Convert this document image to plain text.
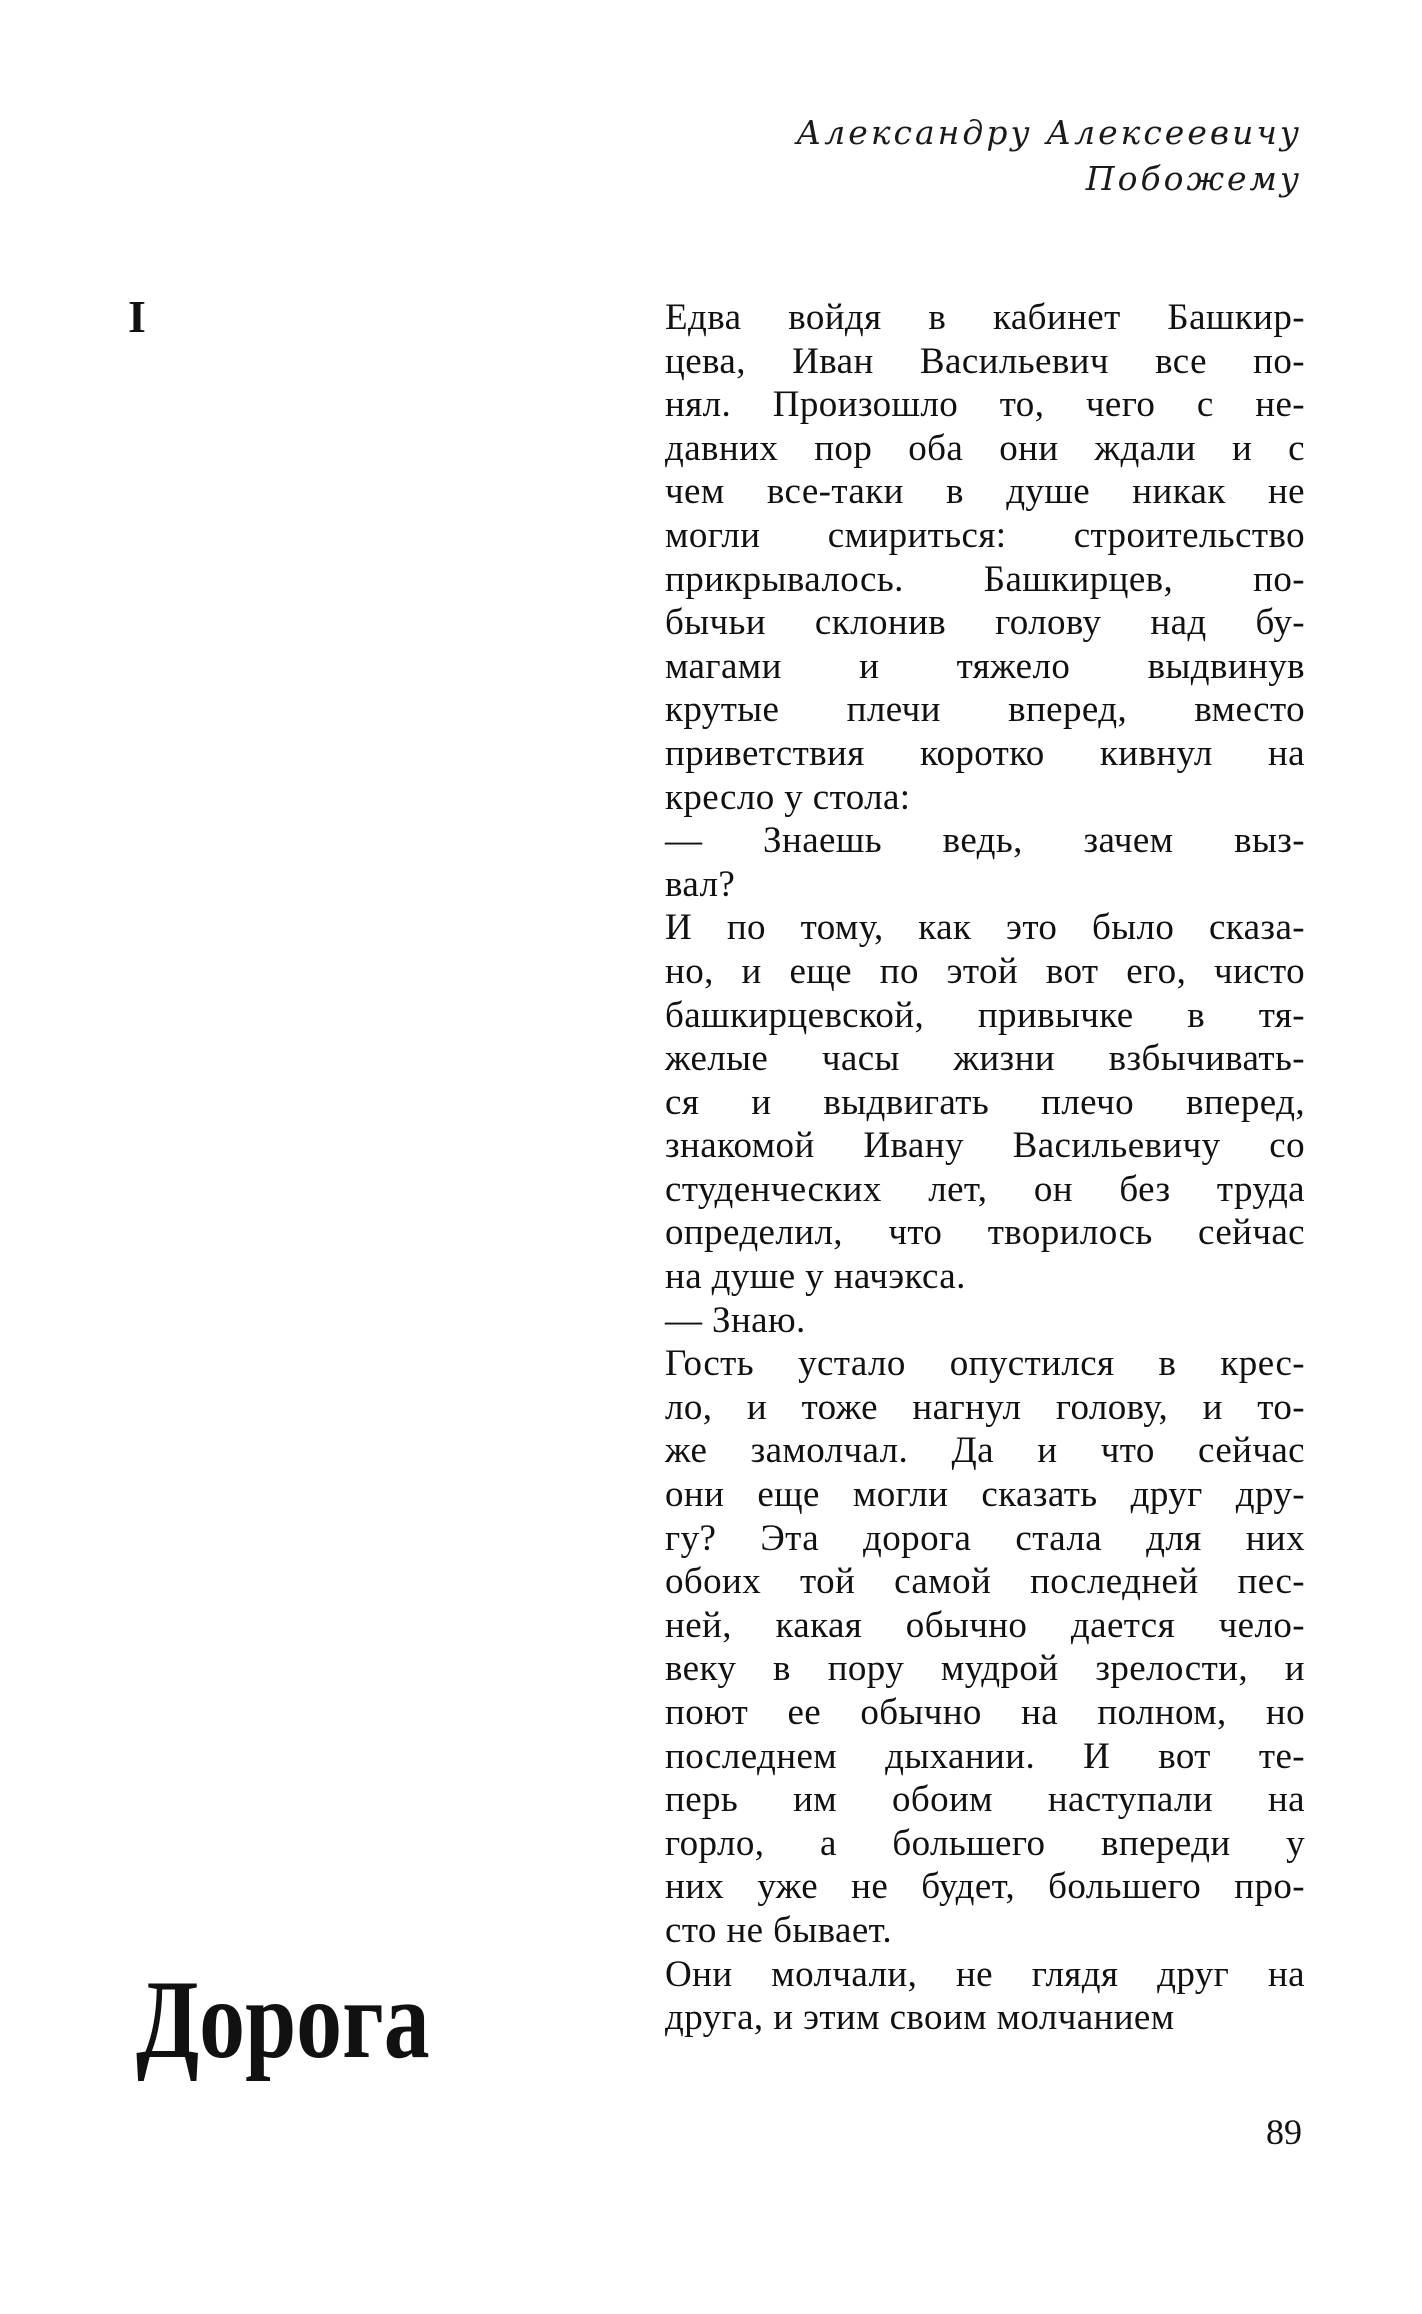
Александру Алексеевичу
Побожему
I
Дорога
Едва войдя в кабинет Башкир-
цева, Иван Васильевич все по-
нял. Произошло то, чего с не-
давних пор оба они ждали и с
чем все-таки в душе никак не
могли смириться: строительство
прикрывалось. Башкирцев, по-
бычьи склонив голову над бу-
магами и тяжело выдвинув
крутые плечи вперед, вместо
приветствия коротко кивнул на
кресло у стола:
— Знаешь ведь, зачем выз-
вал?
И по тому, как это было сказа-
но, и еще по этой вот его, чисто
башкирцевской, привычке в тя-
желые часы жизни взбычивать-
ся и выдвигать плечо вперед,
знакомой Ивану Васильевичу со
студенческих лет, он без труда
определил, что творилось сейчас
на душе у начэкса.
— Знаю.
Гость устало опустился в крес-
ло, и тоже нагнул голову, и то-
же замолчал. Да и что сейчас
они еще могли сказать друг дру-
гу? Эта дорога стала для них
обоих той самой последней пес-
ней, какая обычно дается чело-
веку в пору мудрой зрелости, и
поют ее обычно на полном, но
последнем дыхании. И вот те-
перь им обоим наступали на
горло, а большего впереди у
них уже не будет, большего про-
сто не бывает.
Они молчали, не глядя друг на
друга, и этим своим молчанием
89
